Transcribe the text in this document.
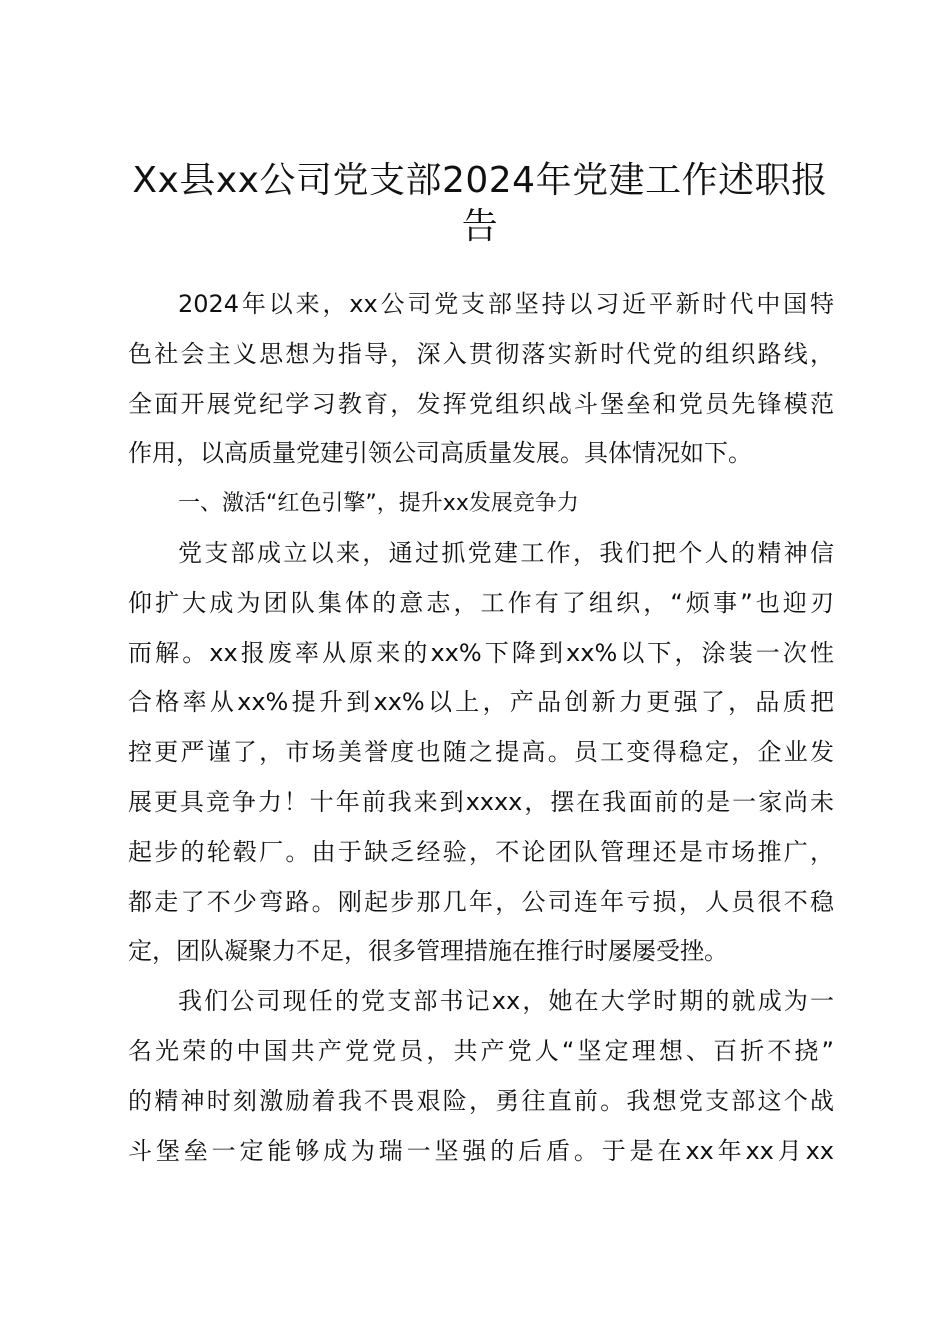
Xx县xx公司党支部2024年党建工作述职报
告
2024年以来，xx公司党支部坚持以习近平新时代中国特
色社会主义思想为指导，深入贯彻落实新时代党的组织路线，
全面开展党纪学习教育，发挥党组织战斗堡垒和党员先锋模范
作用，以高质量党建引领公司高质量发展。具体情况如下。
一、激活“红色引擎”，提升xx发展竞争力
党支部成立以来，通过抓党建工作，我们把个人的精神信
仰扩大成为团队集体的意志，工作有了组织，“烦事”也迎刃
而解。xx报废率从原来的xx%下降到xx%以下，涂装一次性
合格率从xx%提升到xx%以上，产品创新力更强了，品质把
控更严谨了，市场美誉度也随之提高。员工变得稳定，企业发
展更具竞争力！十年前我来到xxxx，摆在我面前的是一家尚未
起步的轮毂厂。由于缺乏经验，不论团队管理还是市场推广，
都走了不少弯路。刚起步那几年，公司连年亏损，人员很不稳
定，团队凝聚力不足，很多管理措施在推行时屡屡受挫。
我们公司现任的党支部书记xx，她在大学时期的就成为一
名光荣的中国共产党党员，共产党人“坚定理想、百折不挠”
的精神时刻激励着我不畏艰险，勇往直前。我想党支部这个战
斗堡垒一定能够成为瑞一坚强的后盾。于是在xx年xx月xx
